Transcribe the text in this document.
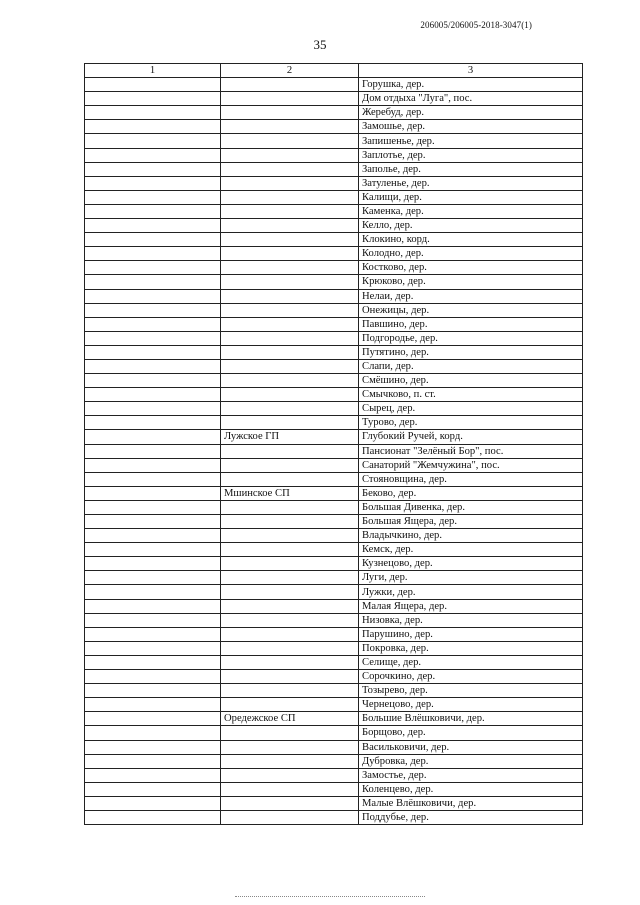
206005/206005-2018-3047(1)
35
1	2	3
		Горушка, дер.
		Дом отдыха "Луга", пос.
		Жеребуд, дер.
		Замошье, дер.
		Запишенье, дер.
		Заплотье, дер.
		Заполье, дер.
		Затуленье, дер.
		Калищи, дер.
		Каменка, дер.
		Келло, дер.
		Клокино, корд.
		Колодно, дер.
		Костково, дер.
		Крюково, дер.
		Нелаи, дер.
		Онежицы, дер.
		Павшино, дер.
		Подгородье, дер.
		Путятино, дер.
		Слапи, дер.
		Смёшино, дер.
		Смычково, п. ст.
		Сырец, дер.
		Турово, дер.
	Лужское ГП	Глубокий Ручей, корд.
		Пансионат "Зелёный Бор", пос.
		Санаторий "Жемчужина", пос.
		Стояновщина, дер.
	Мшинское СП	Беково, дер.
		Большая Дивенка, дер.
		Большая Ящера, дер.
		Владычкино, дер.
		Кемск, дер.
		Кузнецово, дер.
		Луги, дер.
		Лужки, дер.
		Малая Ящера, дер.
		Низовка, дер.
		Парушино, дер.
		Покровка, дер.
		Селище, дер.
		Сорочкино, дер.
		Тозырево, дер.
		Чернецово, дер.
	Оредежское СП	Большие Влёшковичи, дер.
		Борщово, дер.
		Васильковичи, дер.
		Дубровка, дер.
		Замостье, дер.
		Коленцево, дер.
		Малые Влёшковичи, дер.
		Поддубье, дер.
